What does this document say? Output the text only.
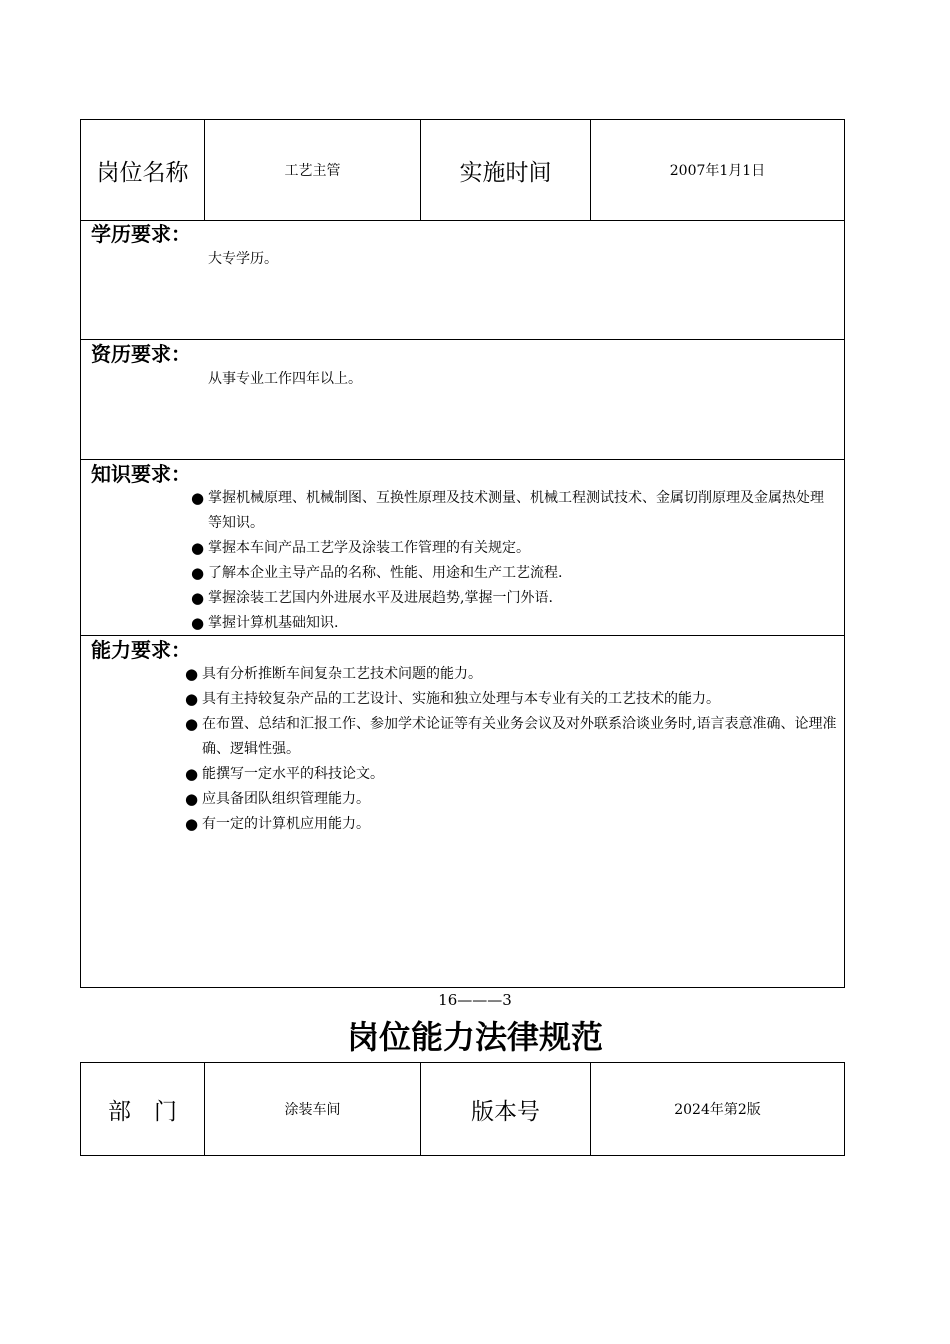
岗位名称	工艺主管	实施时间	2007年1月1日
学历要求：
大专学历。
资历要求：
从事专业工作四年以上。
知识要求：
● 掌握机械原理、机械制图、互换性原理及技术测量、机械工程测试技术、金属切削原理及金属热处理等知识。
● 掌握本车间产品工艺学及涂装工作管理的有关规定。
● 了解本企业主导产品的名称、性能、用途和生产工艺流程.
● 掌握涂装工艺国内外进展水平及进展趋势,掌握一门外语.
● 掌握计算机基础知识.
能力要求：
● 具有分析推断车间复杂工艺技术问题的能力。
● 具有主持较复杂产品的工艺设计、实施和独立处理与本专业有关的工艺技术的能力。
● 在布置、总结和汇报工作、参加学术论证等有关业务会议及对外联系洽谈业务时,语言表意准确、论理准确、逻辑性强。
● 能撰写一定水平的科技论文。
● 应具备团队组织管理能力。
● 有一定的计算机应用能力。
16———3
岗位能力法律规范
部　门	涂装车间	版本号	2024年第2版
